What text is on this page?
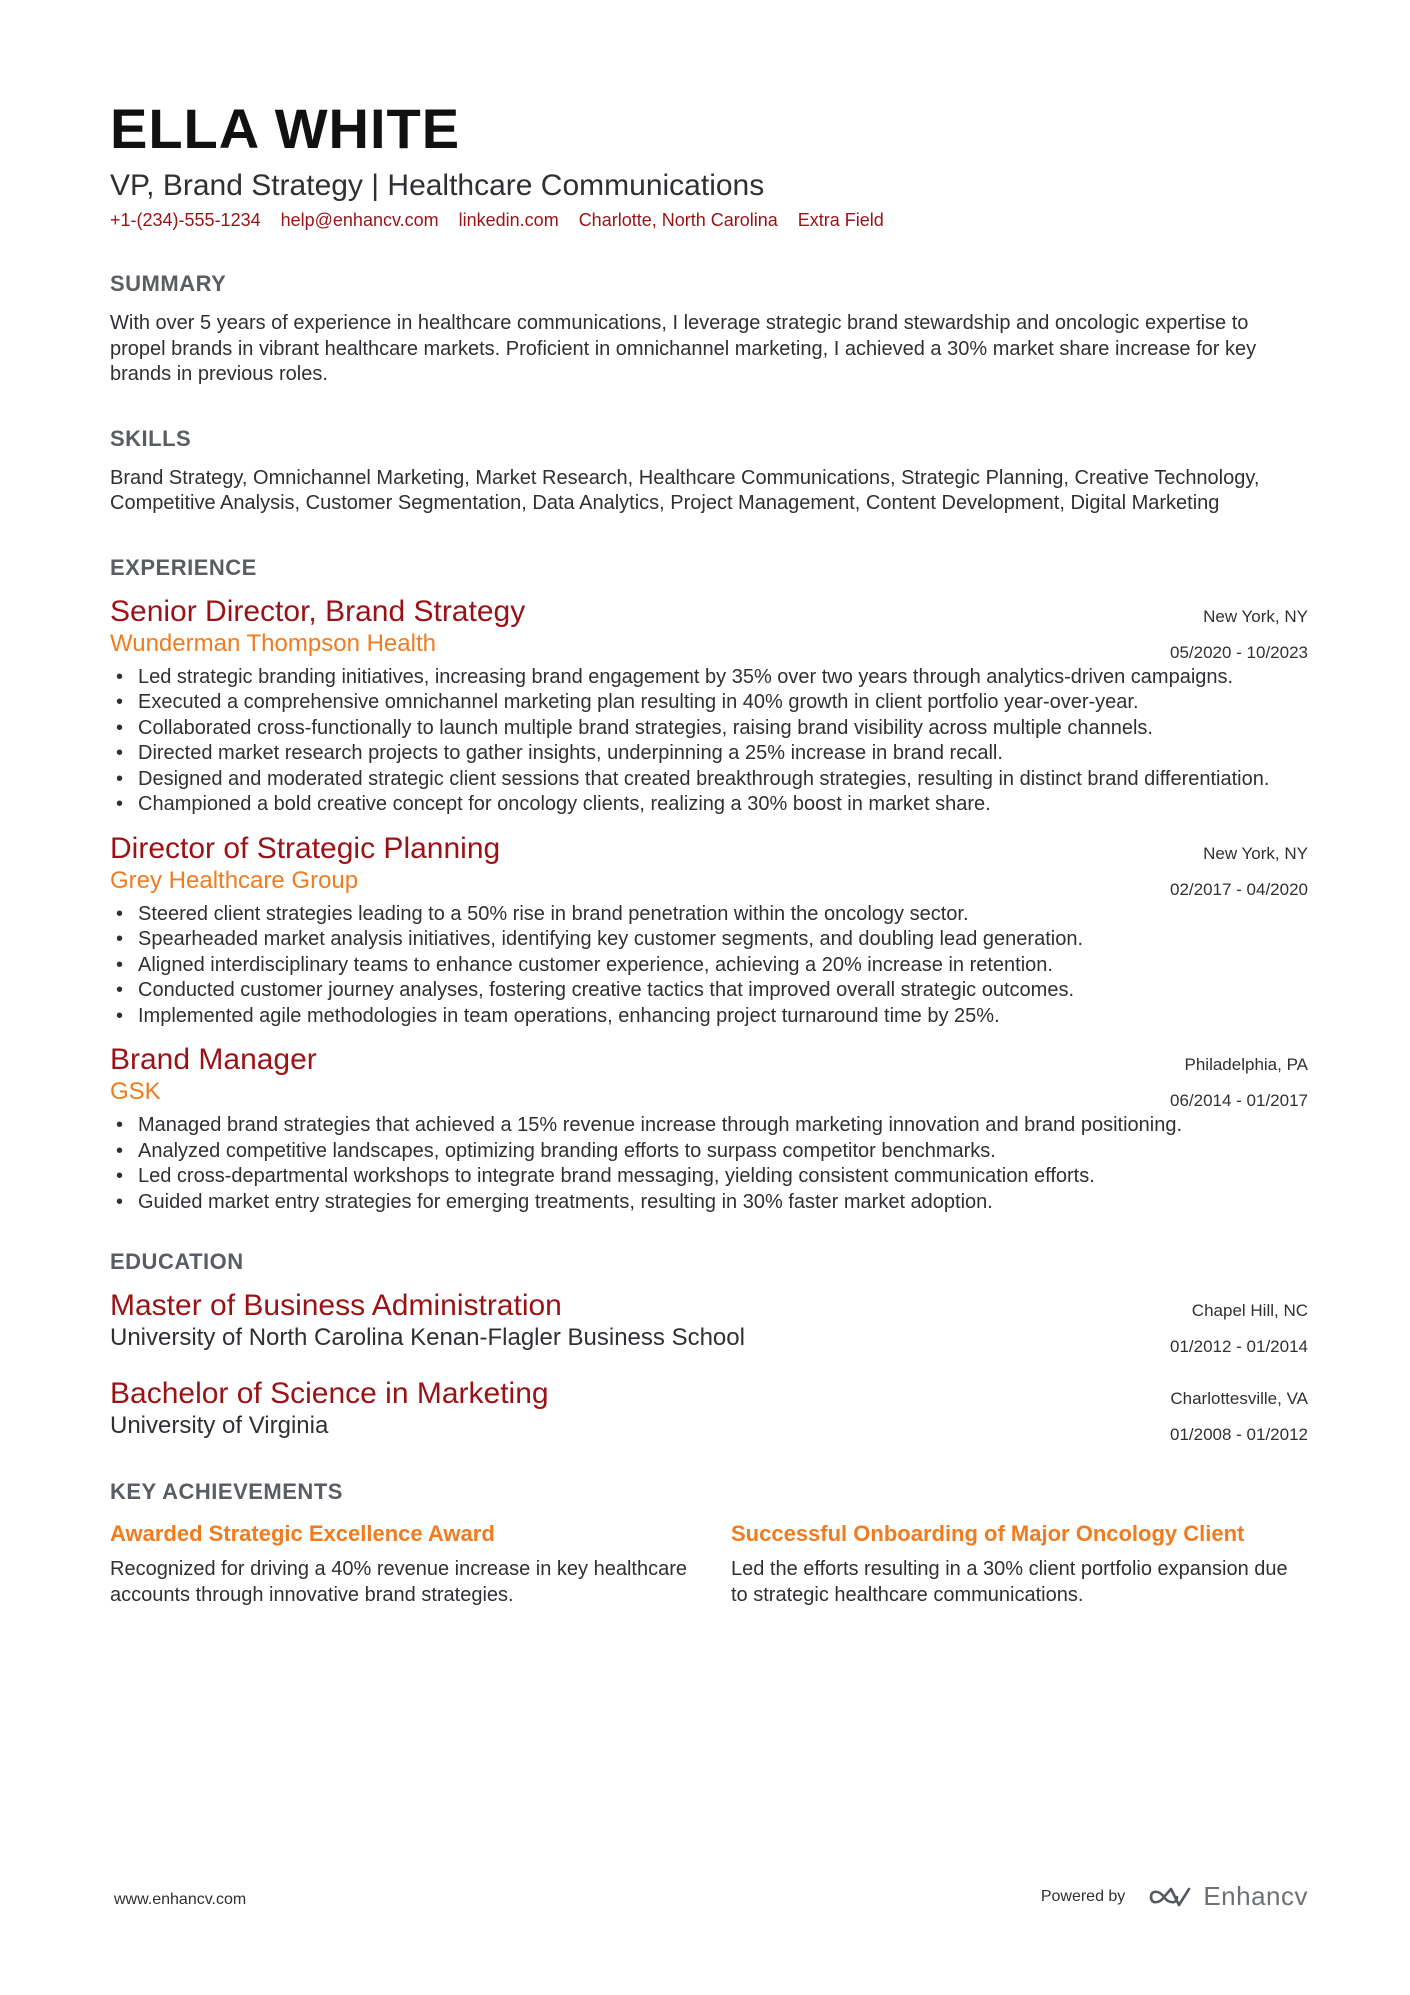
ELLA WHITE
VP, Brand Strategy | Healthcare Communications
+1-(234)-555-1234 help@enhancv.com linkedin.com Charlotte, North Carolina Extra Field
SUMMARY

With over 5 years of experience in healthcare communications, I leverage strategic brand stewardship and oncologic expertise to propel brands in vibrant healthcare markets. Proficient in omnichannel marketing, I achieved a 30% market share increase for key brands in previous roles.

SKILLS

Brand Strategy, Omnichannel Marketing, Market Research, Healthcare Communications, Strategic Planning, Creative Technology, Competitive Analysis, Customer Segmentation, Data Analytics, Project Management, Content Development, Digital Marketing

EXPERIENCE
Senior Director, Brand Strategy
Wunderman Thompson Health
New York, NY
05/2020 - 10/2023
• Led strategic branding initiatives, increasing brand engagement by 35% over two years through analytics-driven campaigns.
• Executed a comprehensive omnichannel marketing plan resulting in 40% growth in client portfolio year-over-year.
• Collaborated cross-functionally to launch multiple brand strategies, raising brand visibility across multiple channels.
• Directed market research projects to gather insights, underpinning a 25% increase in brand recall.
• Designed and moderated strategic client sessions that created breakthrough strategies, resulting in distinct brand differentiation.
• Championed a bold creative concept for oncology clients, realizing a 30% boost in market share.
Director of Strategic Planning
Grey Healthcare Group
New York, NY
02/2017 - 04/2020
• Steered client strategies leading to a 50% rise in brand penetration within the oncology sector.
• Spearheaded market analysis initiatives, identifying key customer segments, and doubling lead generation.
• Aligned interdisciplinary teams to enhance customer experience, achieving a 20% increase in retention.
• Conducted customer journey analyses, fostering creative tactics that improved overall strategic outcomes.
• Implemented agile methodologies in team operations, enhancing project turnaround time by 25%.
Brand Manager
GSK
Philadelphia, PA
06/2014 - 01/2017
• Managed brand strategies that achieved a 15% revenue increase through marketing innovation and brand positioning.
• Analyzed competitive landscapes, optimizing branding efforts to surpass competitor benchmarks.
• Led cross-departmental workshops to integrate brand messaging, yielding consistent communication efforts.
• Guided market entry strategies for emerging treatments, resulting in 30% faster market adoption.
EDUCATION
Master of Business Administration
University of North Carolina Kenan-Flagler Business School
Chapel Hill, NC
01/2012 - 01/2014
Bachelor of Science in Marketing
University of Virginia
Charlottesville, VA
01/2008 - 01/2012
KEY ACHIEVEMENTS
Awarded Strategic Excellence Award

Recognized for driving a 40% revenue increase in key healthcare accounts through innovative brand strategies.

Successful Onboarding of Major Oncology Client

Led the efforts resulting in a 30% client portfolio expansion due to strategic healthcare communications.

www.enhancv.com	Powered by	Enhancv
